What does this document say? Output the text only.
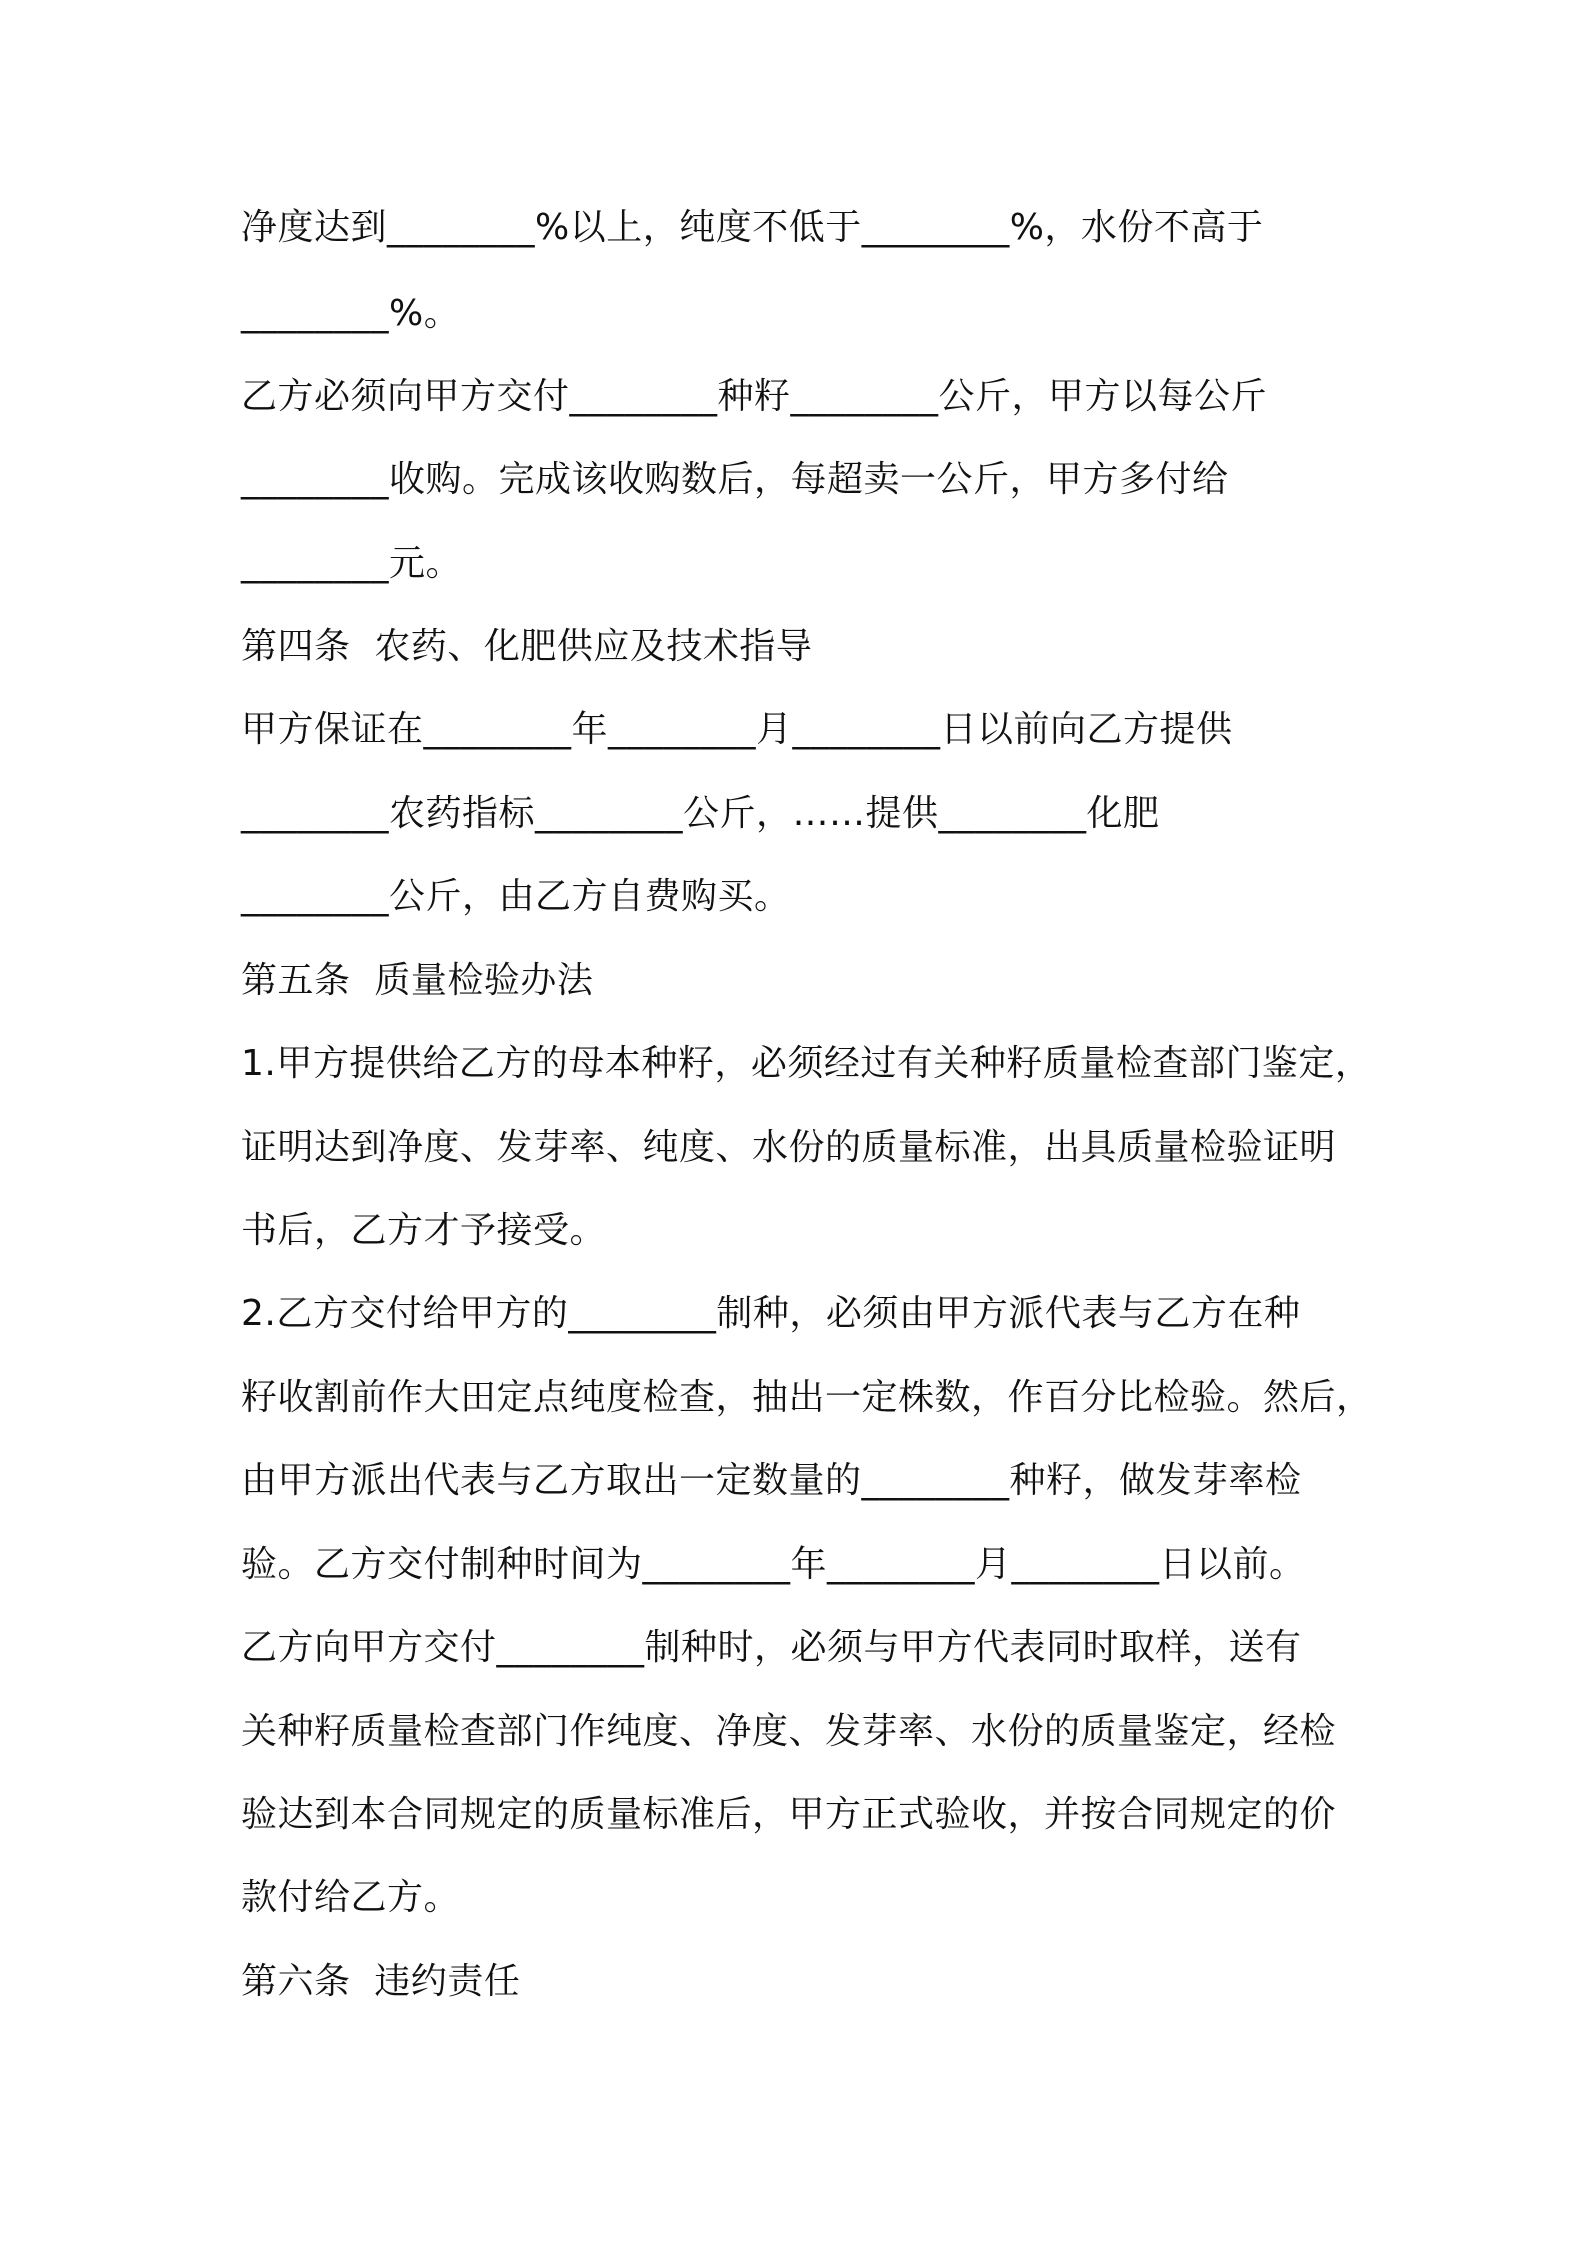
净度达到________%以上，纯度不低于________%，水份不高于

________%。

乙方必须向甲方交付________种籽________公斤，甲方以每公斤

________收购。完成该收购数后，每超卖一公斤，甲方多付给

________元。

第四条  农药、化肥供应及技术指导

甲方保证在________年________月________日以前向乙方提供

________农药指标________公斤，……提供________化肥

________公斤，由乙方自费购买。

第五条  质量检验办法

1.甲方提供给乙方的母本种籽，必须经过有关种籽质量检查部门鉴定，

证明达到净度、发芽率、纯度、水份的质量标准，出具质量检验证明

书后，乙方才予接受。

2.乙方交付给甲方的________制种，必须由甲方派代表与乙方在种

籽收割前作大田定点纯度检查，抽出一定株数，作百分比检验。然后，

由甲方派出代表与乙方取出一定数量的________种籽，做发芽率检

验。乙方交付制种时间为________年________月________日以前。

乙方向甲方交付________制种时，必须与甲方代表同时取样，送有

关种籽质量检查部门作纯度、净度、发芽率、水份的质量鉴定，经检

验达到本合同规定的质量标准后，甲方正式验收，并按合同规定的价

款付给乙方。

第六条  违约责任
